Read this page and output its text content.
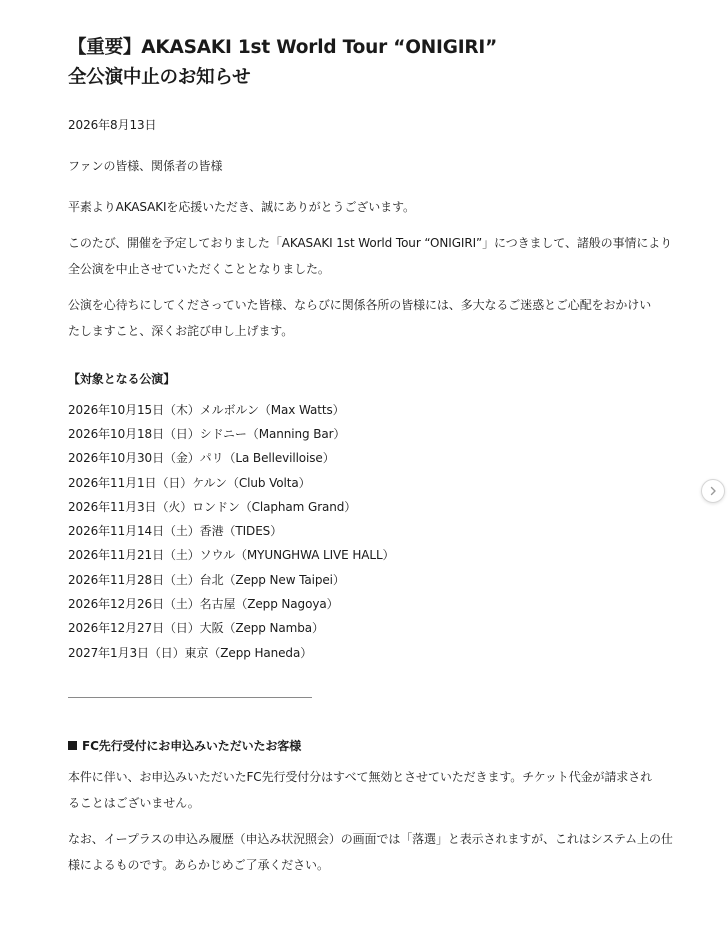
【重要】AKASAKI 1st World Tour “ONIGIRI”
全公演中止のお知らせ

2026年8月13日

ファンの皆様、関係者の皆様

平素よりAKASAKIを応援いただき、誠にありがとうございます。

このたび、開催を予定しておりました「AKASAKI 1st World Tour “ONIGIRI”」につきまして、諸般の事情により

全公演を中止させていただくこととなりました。

公演を心待ちにしてくださっていた皆様、ならびに関係各所の皆様には、多大なるご迷惑とご心配をおかけい

たしますこと、深くお詫び申し上げます。

【対象となる公演】

2026年10月15日（木）メルボルン（Max Watts）

2026年10月18日（日）シドニー（Manning Bar）

2026年10月30日（金）パリ（La Bellevilloise）

2026年11月1日（日）ケルン（Club Volta）

2026年11月3日（火）ロンドン（Clapham Grand）

2026年11月14日（土）香港（TIDES）

2026年11月21日（土）ソウル（MYUNGHWA LIVE HALL）

2026年11月28日（土）台北（Zepp New Taipei）

2026年12月26日（土）名古屋（Zepp Nagoya）

2026年12月27日（日）大阪（Zepp Namba）

2027年1月3日（日）東京（Zepp Haneda）

FC先行受付にお申込みいただいたお客様

本件に伴い、お申込みいただいたFC先行受付分はすべて無効とさせていただきます。チケット代金が請求され

ることはございません。

なお、イープラスの申込み履歴（申込み状況照会）の画面では「落選」と表示されますが、これはシステム上の仕

様によるものです。あらかじめご了承ください。
